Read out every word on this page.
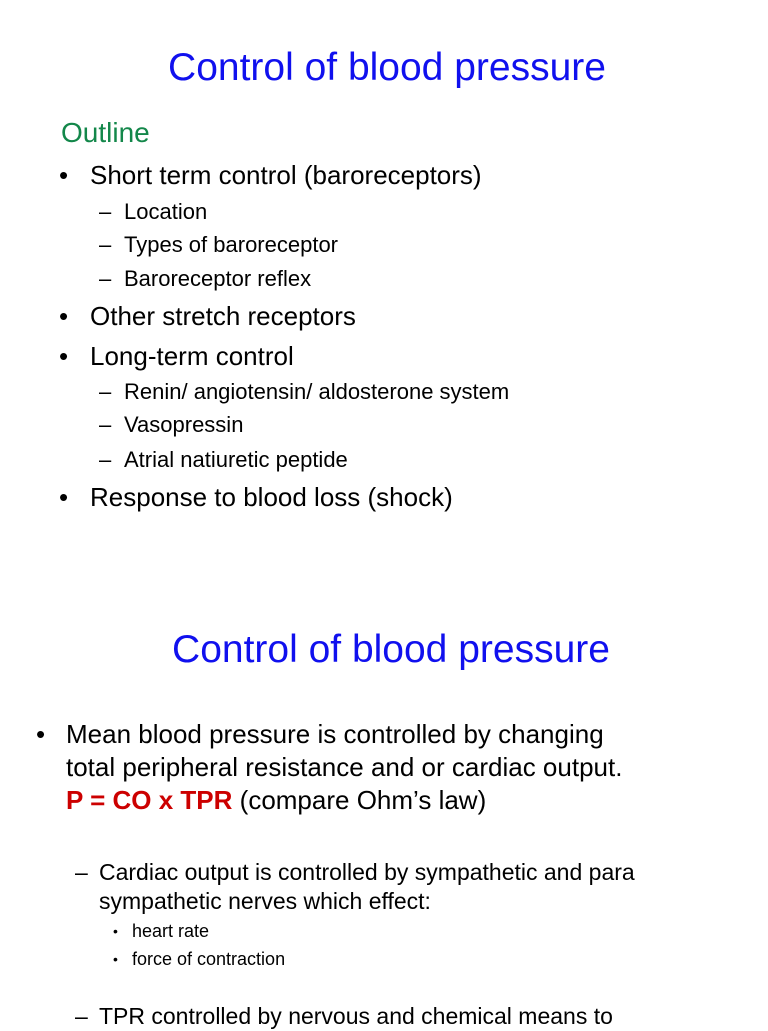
Control of blood pressure
Outline
• Short term control (baroreceptors)
– Location
– Types of baroreceptor
– Baroreceptor reflex
• Other stretch receptors
• Long-term control
– Renin/ angiotensin/ aldosterone system
– Vasopressin
– Atrial natiuretic peptide
• Response to blood loss (shock)
Control of blood pressure
• Mean blood pressure is controlled by changing
total peripheral resistance and or cardiac output.
P = CO x TPR (compare Ohm’s law)
– Cardiac output is controlled by sympathetic and para
sympathetic nerves which effect:
• heart rate
• force of contraction
– TPR controlled by nervous and chemical means to
